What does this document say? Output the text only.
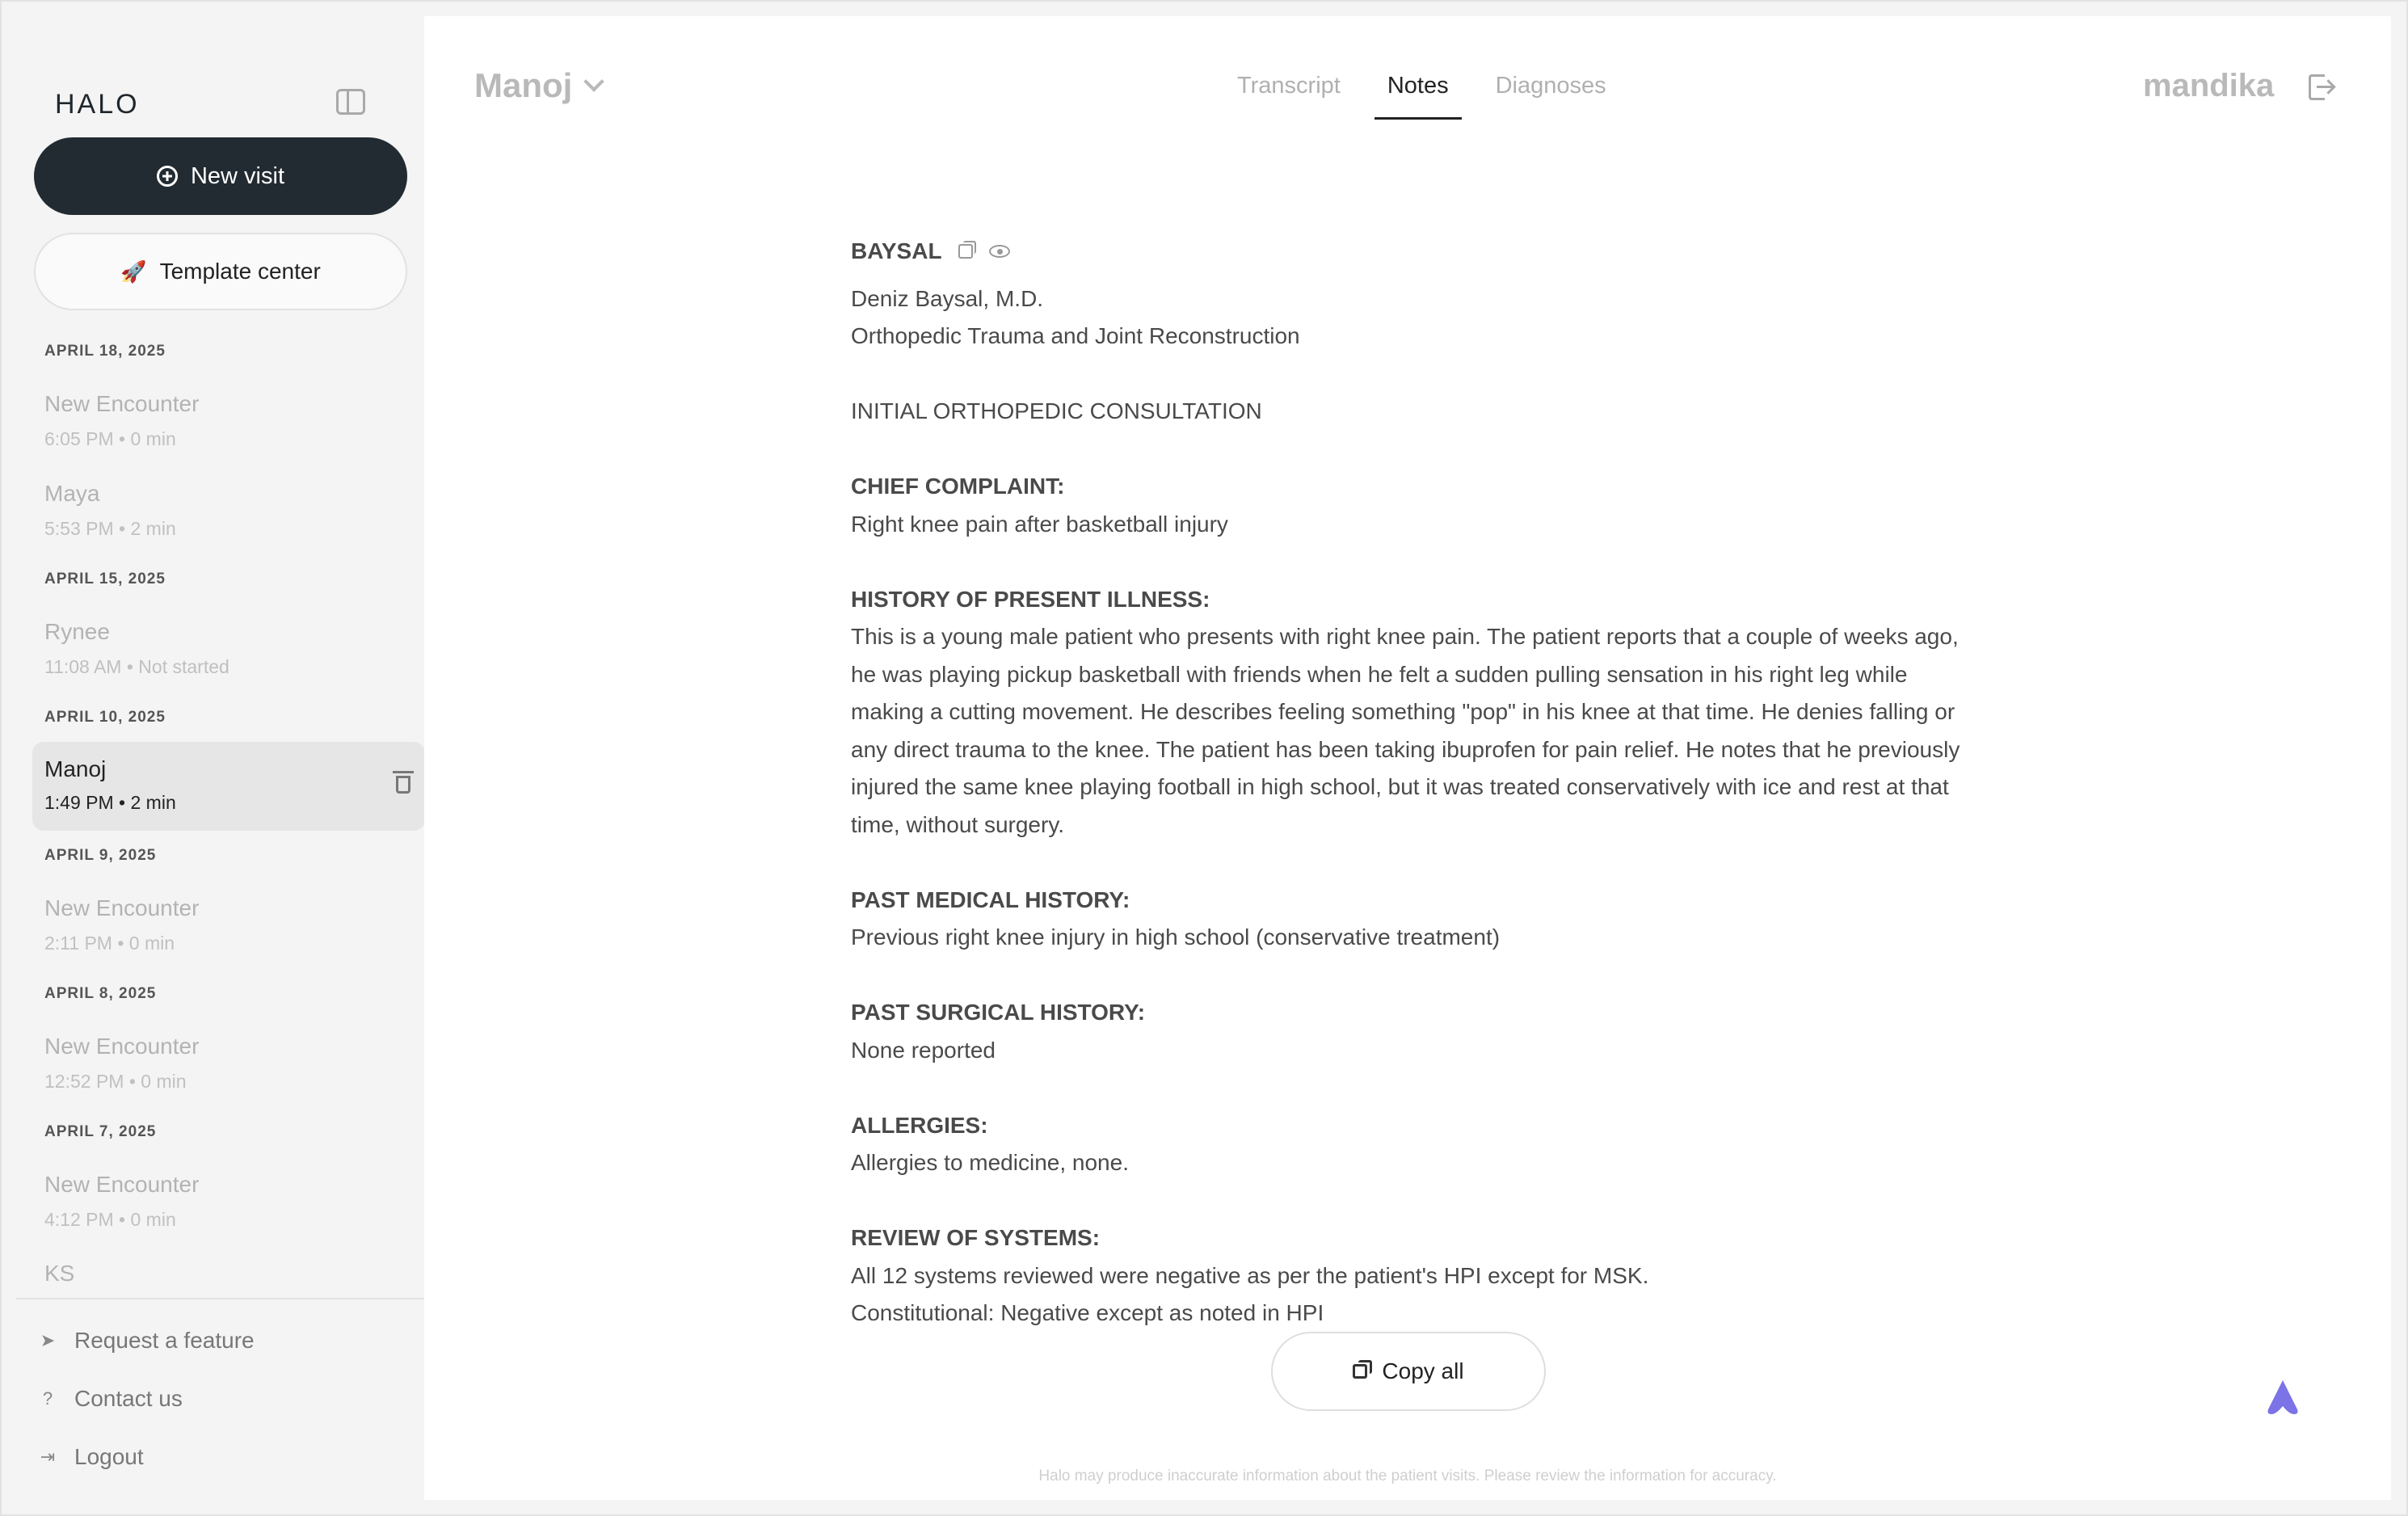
HALO
New visit
🚀 Template center
APRIL 18, 2025
New Encounter
6:05 PM • 0 min
Maya
5:53 PM • 2 min
APRIL 15, 2025
Rynee
11:08 AM • Not started
APRIL 10, 2025
Manoj
1:49 PM • 2 min
APRIL 9, 2025
New Encounter
2:11 PM • 0 min
APRIL 8, 2025
New Encounter
12:52 PM • 0 min
APRIL 7, 2025
New Encounter
4:12 PM • 0 min
KS
➤ Request a feature
? Contact us
⇥ Logout
Manoj	Transcript	Notes	Diagnoses	mandika
BAYSAL

Deniz Baysal, M.D.

Orthopedic Trauma and Joint Reconstruction

INITIAL ORTHOPEDIC CONSULTATION

CHIEF COMPLAINT:

Right knee pain after basketball injury

HISTORY OF PRESENT ILLNESS:

This is a young male patient who presents with right knee pain. The patient reports that a couple of weeks ago, he was playing pickup basketball with friends when he felt a sudden pulling sensation in his right leg while making a cutting movement. He describes feeling something "pop" in his knee at that time. He denies falling or any direct trauma to the knee. The patient has been taking ibuprofen for pain relief. He notes that he previously injured the same knee playing football in high school, but it was treated conservatively with ice and rest at that time, without surgery.

PAST MEDICAL HISTORY:

Previous right knee injury in high school (conservative treatment)

PAST SURGICAL HISTORY:

None reported

ALLERGIES:

Allergies to medicine, none.

REVIEW OF SYSTEMS:

All 12 systems reviewed were negative as per the patient's HPI except for MSK.

Constitutional: Negative except as noted in HPI

Copy all
Halo may produce inaccurate information about the patient visits. Please review the information for accuracy.
